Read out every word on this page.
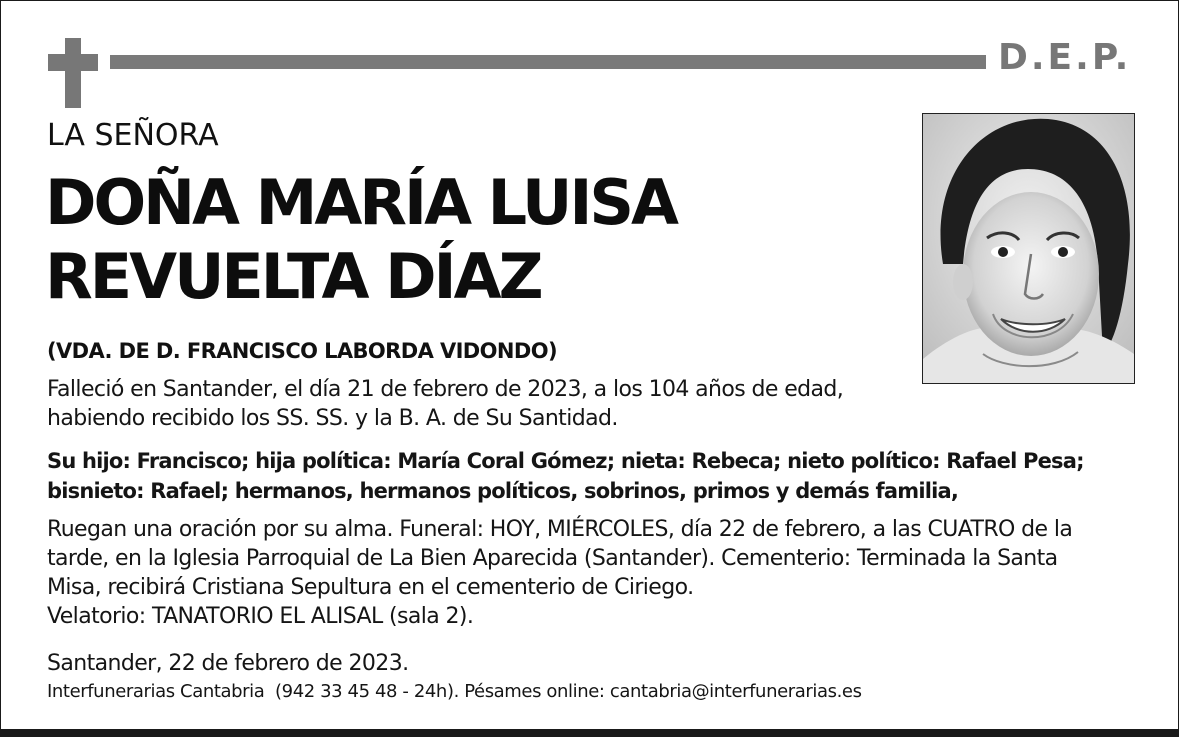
D.E.P.
LA SEÑORA
DOÑA MARÍA LUISA
REVUELTA DÍAZ
(VDA. DE D. FRANCISCO LABORDA VIDONDO)
Falleció en Santander, el día 21 de febrero de 2023, a los 104 años de edad,
habiendo recibido los SS. SS. y la B. A. de Su Santidad.
Su hijo: Francisco; hija política: María Coral Gómez; nieta: Rebeca; nieto político: Rafael Pesa;
bisnieto: Rafael; hermanos, hermanos políticos, sobrinos, primos y demás familia,
Ruegan una oración por su alma. Funeral: HOY, MIÉRCOLES, día 22 de febrero, a las CUATRO de la
tarde, en la Iglesia Parroquial de La Bien Aparecida (Santander). Cementerio: Terminada la Santa
Misa, recibirá Cristiana Sepultura en el cementerio de Ciriego.
Velatorio: TANATORIO EL ALISAL (sala 2).
Santander, 22 de febrero de 2023.
Interfunerarias Cantabria  (942 33 45 48 - 24h). Pésames online: cantabria@interfunerarias.es
